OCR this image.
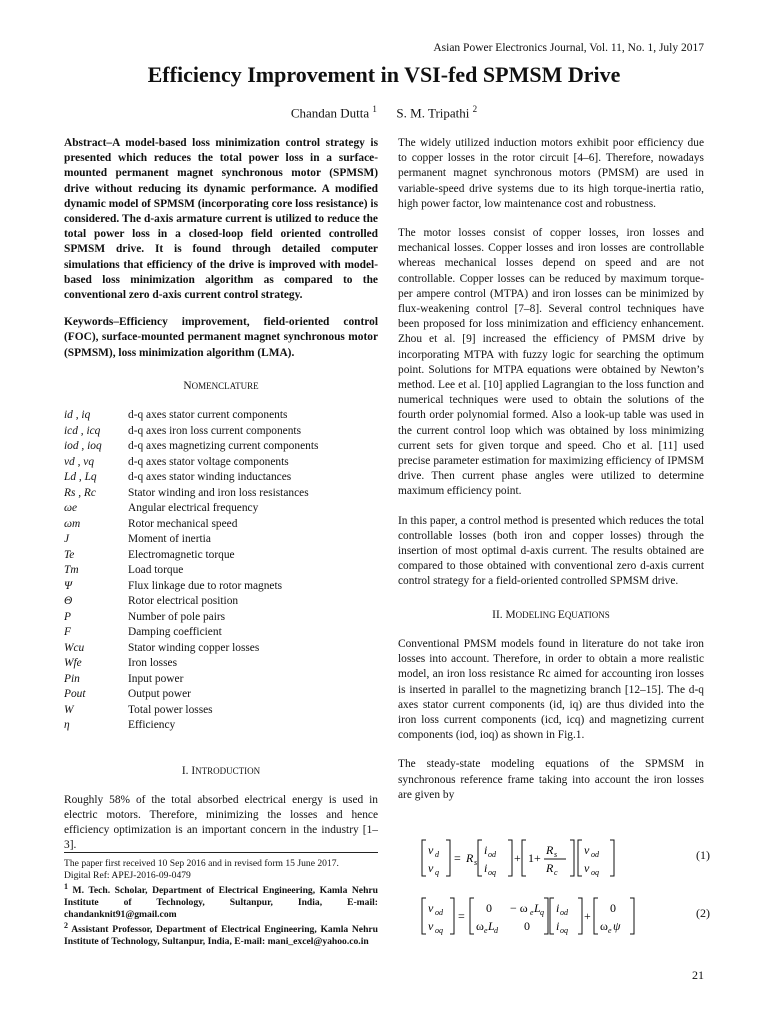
Asian Power Electronics Journal, Vol. 11, No. 1, July 2017
Efficiency Improvement in VSI-fed SPMSM Drive
Chandan Dutta $^1$ S. M. Tripathi $^2$

Abstract–A model-based loss minimization control strategy is presented which reduces the total power loss in a surface-mounted permanent magnet synchronous motor (SPMSM) drive without reducing its dynamic performance. A modified dynamic model of SPMSM (incorporating core loss resistance) is considered. The d-axis armature current is utilized to reduce the total power loss in a closed-loop field oriented controlled SPMSM drive. It is found through detailed computer simulations that efficiency of the drive is improved with model-based loss minimization algorithm as compared to the conventional zero d-axis current control strategy.

Keywords–Efficiency improvement, field-oriented control (FOC), surface-mounted permanent magnet synchronous motor (SPMSM), loss minimization algorithm (LMA).

NOMENCLATURE
id , iq	d-q axes stator current components
icd , icq	d-q axes iron loss current components
iod , ioq	d-q axes magnetizing current components
vd , vq	d-q axes stator voltage components
Ld , Lq	d-q axes stator winding inductances
Rs , Rc	Stator winding and iron loss resistances
ωe	Angular electrical frequency
ωm	Rotor mechanical speed
J	Moment of inertia
Te	Electromagnetic torque
Tm	Load torque
Ψ	Flux linkage due to rotor magnets
Θ	Rotor electrical position
P	Number of pole pairs
F	Damping coefficient
Wcu	Stator winding copper losses
Wfe	Iron losses
Pin	Input power
Pout	Output power
W	Total power losses
η	Efficiency
I. INTRODUCTION

Roughly 58% of the total absorbed electrical energy is used in electric motors. Therefore, minimizing the losses and hence efficiency optimization is an important concern in the industry [1–3].

The paper first received 10 Sep 2016 and in revised form 15 June 2017.

Digital Ref: APEJ-2016-09-0479

$^1$ M. Tech. Scholar, Department of Electrical Engineering, Kamla Nehru Institute of Technology, Sultanpur, India, E-mail: chandanknit91@gmail.com

$^2$ Assistant Professor, Department of Electrical Engineering, Kamla Nehru Institute of Technology, Sultanpur, India, E-mail: mani_excel@yahoo.co.in

The widely utilized induction motors exhibit poor efficiency due to copper losses in the rotor circuit [4–6]. Therefore, nowadays permanent magnet synchronous motors (PMSM) are used in variable-speed drive systems due to its high torque-inertia ratio, high power factor, low maintenance cost and robustness.

The motor losses consist of copper losses, iron losses and mechanical losses. Copper losses and iron losses are controllable whereas mechanical losses depend on speed and are not controllable. Copper losses can be reduced by maximum torque-per ampere control (MTPA) and iron losses can be minimized by flux-weakening control [7–8]. Several control techniques have been proposed for loss minimization and efficiency enhancement. Zhou et al. [9] increased the efficiency of PMSM drive by incorporating MTPA with fuzzy logic for searching the optimum point. Solutions for MTPA equations were obtained by Newton’s method. Lee et al. [10] applied Lagrangian to the loss function and numerical techniques were used to obtain the solutions of the fourth order polynomial formed. Also a look-up table was used in the current control loop which was obtained by loss minimizing current sets for given torque and speed. Cho et al. [11] used precise parameter estimation for maximizing efficiency of IPMSM drive. Then current phase angles were utilized to determine maximum efficiency point.

In this paper, a control method is presented which reduces the total controllable losses (both iron and copper losses) through the insertion of most optimal d-axis current. The results obtained are compared to those obtained with conventional zero d-axis current control strategy for a field-oriented controlled SPMSM drive.

II. MODELING EQUATIONS

Conventional PMSM models found in literature do not take iron losses into account. Therefore, in order to obtain a more realistic model, an iron loss resistance Rc aimed for accounting iron losses is inserted in parallel to the magnetizing branch [12–15]. The d-q axes stator current components (id, iq) are thus divided into the iron loss current components (icd, icq) and magnetizing current components (iod, ioq) as shown in Fig.1.

The steady-state modeling equations of the SPMSM in synchronous reference frame taking into account the iron losses are given by

v d
v q
= R s
i od
i oq
+ 1+
R s
R c
v od
v oq
(1)
v od
v oq
=
0 − ω e L q
ω e L d 0
i od
i oq
+
0
ω e ψ
(2)
21
